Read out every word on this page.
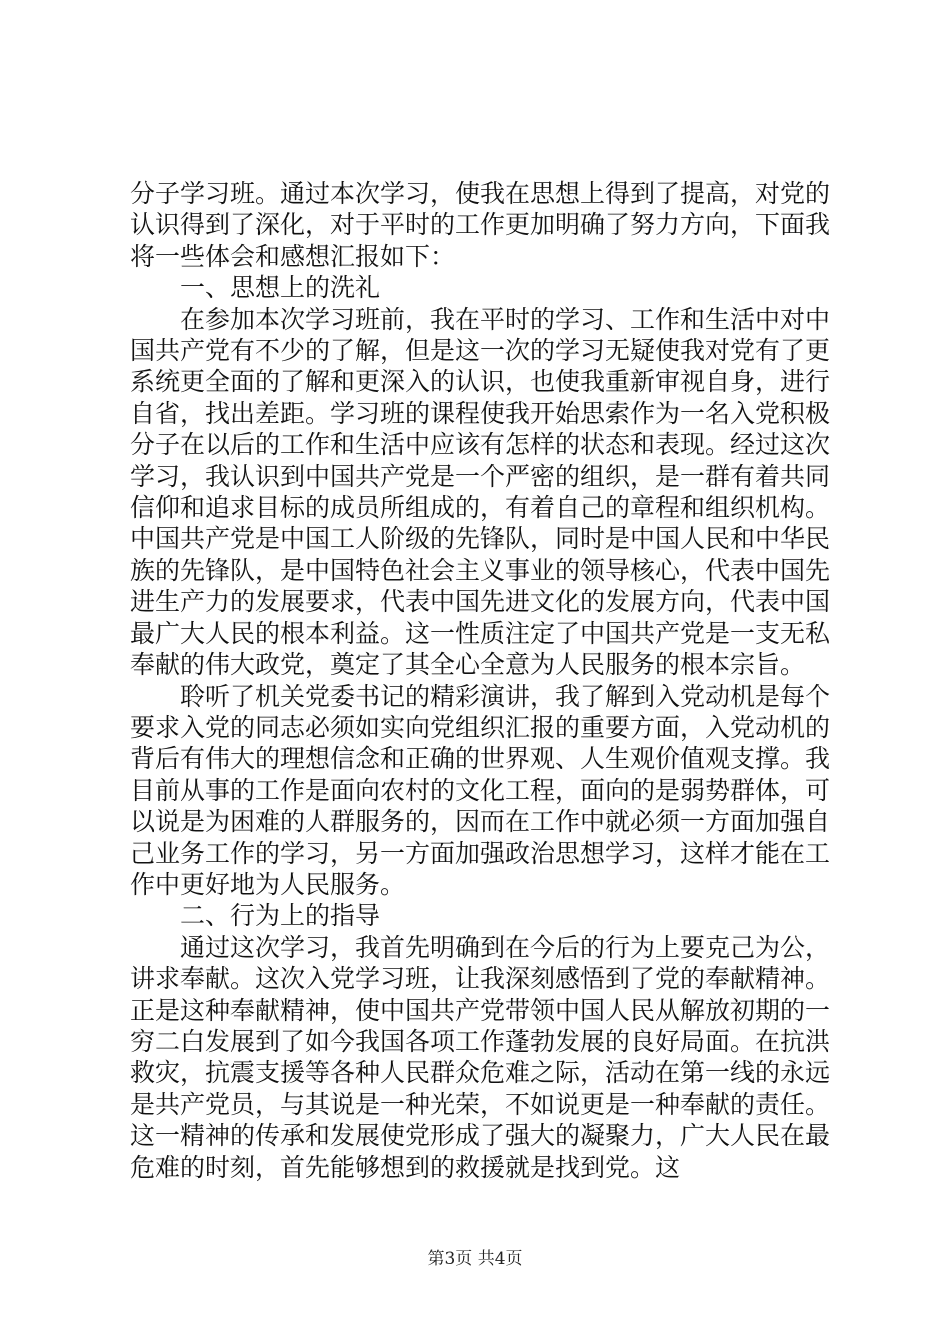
分子学习班。通过本次学习，使我在思想上得到了提高，对党的认识得到了深化，对于平时的工作更加明确了努力方向，下面我将一些体会和感想汇报如下：

一、思想上的洗礼

在参加本次学习班前，我在平时的学习、工作和生活中对中国共产党有不少的了解，但是这一次的学习无疑使我对党有了更系统更全面的了解和更深入的认识，也使我重新审视自身，进行自省，找出差距。学习班的课程使我开始思索作为一名入党积极分子在以后的工作和生活中应该有怎样的状态和表现。经过这次学习，我认识到中国共产党是一个严密的组织，是一群有着共同信仰和追求目标的成员所组成的，有着自己的章程和组织机构。中国共产党是中国工人阶级的先锋队，同时是中国人民和中华民族的先锋队，是中国特色社会主义事业的领导核心，代表中国先进生产力的发展要求，代表中国先进文化的发展方向，代表中国最广大人民的根本利益。这一性质注定了中国共产党是一支无私奉献的伟大政党，奠定了其全心全意为人民服务的根本宗旨。

聆听了机关党委书记的精彩演讲，我了解到入党动机是每个要求入党的同志必须如实向党组织汇报的重要方面，入党动机的背后有伟大的理想信念和正确的世界观、人生观价值观支撑。我目前从事的工作是面向农村的文化工程，面向的是弱势群体，可以说是为困难的人群服务的，因而在工作中就必须一方面加强自己业务工作的学习，另一方面加强政治思想学习，这样才能在工作中更好地为人民服务。

二、行为上的指导

通过这次学习，我首先明确到在今后的行为上要克己为公，讲求奉献。这次入党学习班，让我深刻感悟到了党的奉献精神。正是这种奉献精神，使中国共产党带领中国人民从解放初期的一穷二白发展到了如今我国各项工作蓬勃发展的良好局面。在抗洪救灾，抗震支援等各种人民群众危难之际，活动在第一线的永远是共产党员，与其说是一种光荣，不如说更是一种奉献的责任。这一精神的传承和发展使党形成了强大的凝聚力，广大人民在最危难的时刻，首先能够想到的救援就是找到党。这

第3页 共4页
